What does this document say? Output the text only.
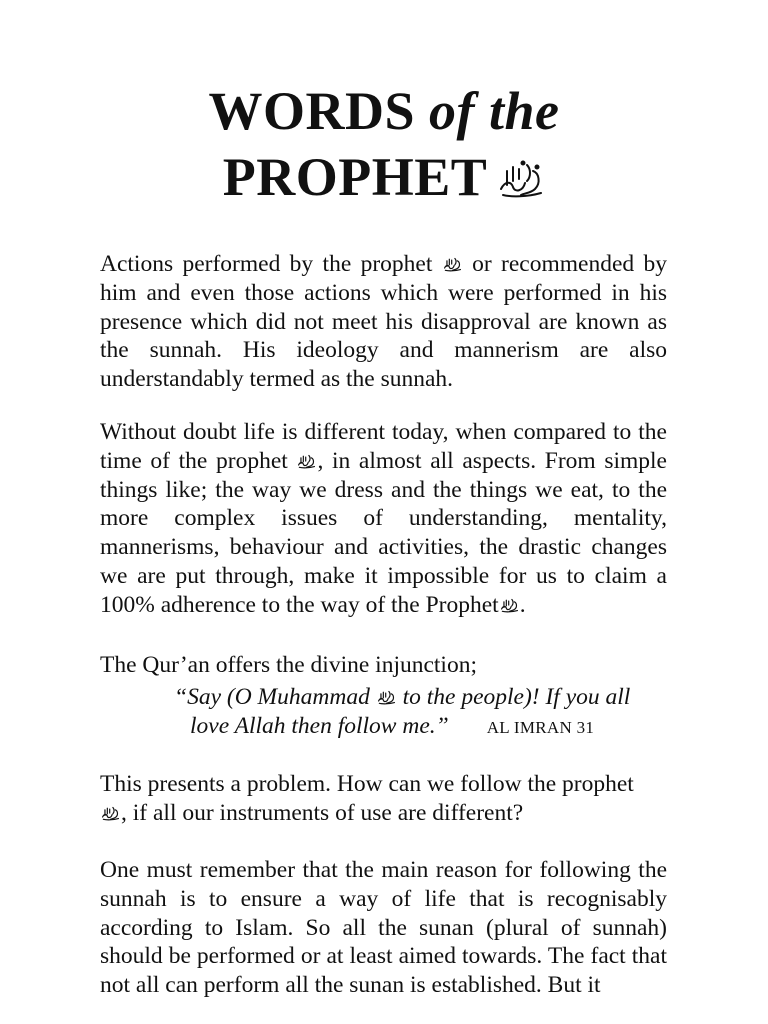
WORDS of the
PROPHET

Actions performed by the prophet or recommended by him and even those actions which were performed in his presence which did not meet his disapproval are known as the sunnah. His ideology and mannerism are also understandably termed as the sunnah.

Without doubt life is different today, when compared to the time of the prophet , in almost all aspects. From simple things like; the way we dress and the things we eat, to the more complex issues of understanding, mentality, mannerisms, behaviour and activities, the drastic changes we are put through, make it impossible for us to claim a 100% adherence to the way of the Prophet .

The Qur’an offers the divine injunction;

“Say (O Muhammad to the people)! If you all
love Allah then follow me.” AL IMRAN 31

This presents a problem. How can we follow the prophet

, if all our instruments of use are different?

One must remember that the main reason for following the sunnah is to ensure a way of life that is recognisably according to Islam. So all the sunan (plural of sunnah) should be performed or at least aimed towards. The fact that not all can perform all the sunan is established. But it
